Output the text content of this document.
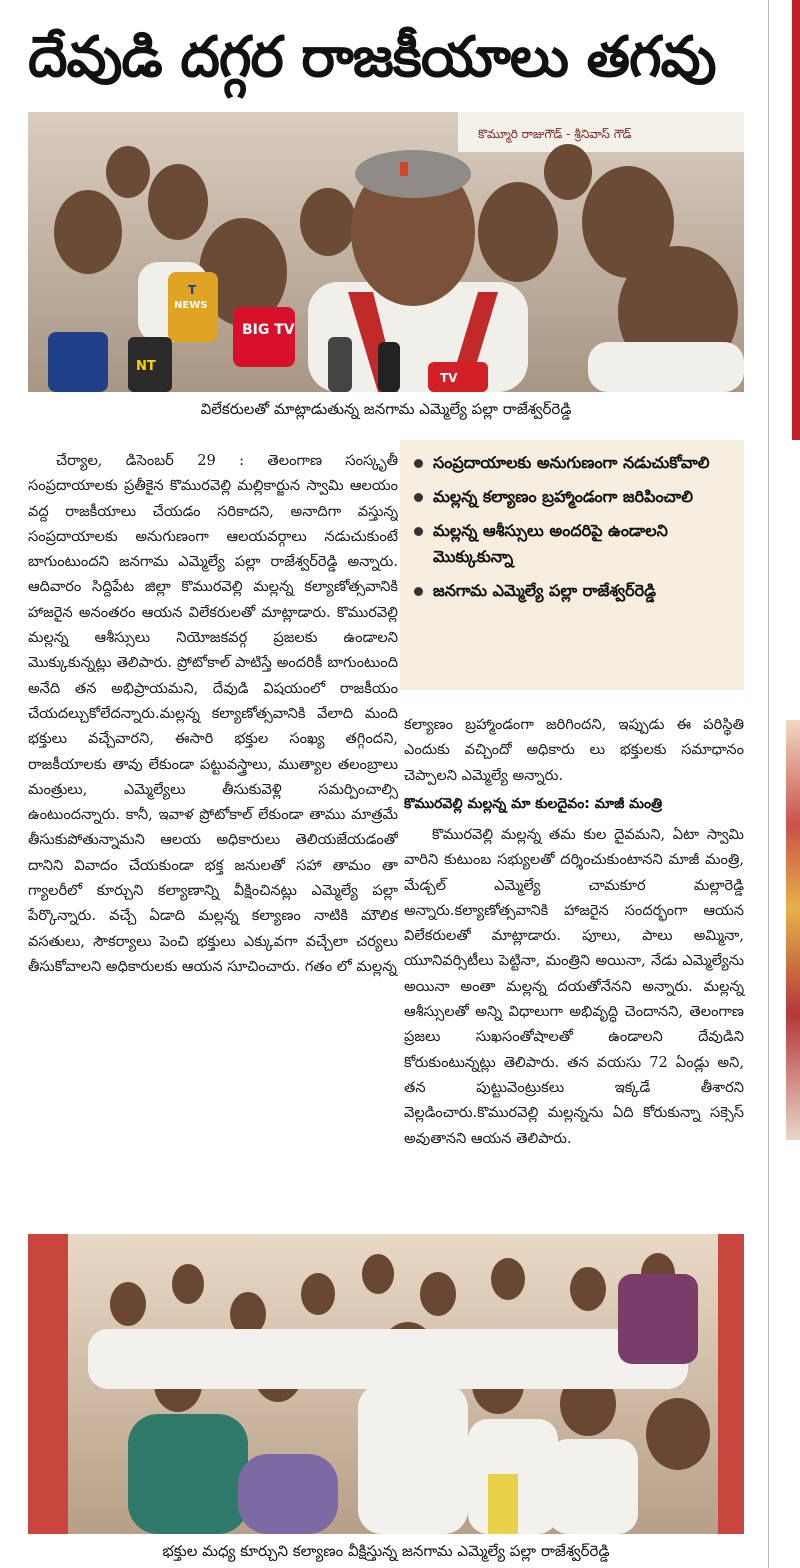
దేవుడి దగ్గర రాజకీయాలు తగవు
కొమ్మూరి రాజుగౌడ్ - శ్రీనివాస్ గౌడ్
BIG TV
NEWS
T
NT
TV
విలేకరులతో మాట్లాడుతున్న జనగామ ఎమ్మెల్యే పల్లా రాజేశ్వర్‌రెడ్డి

చేర్యాల, డిసెంబర్ 29 : తెలంగాణ సంస్కృతీ సంప్రదాయాలకు ప్రతీకైన కొమురవెల్లి మల్లికార్జున స్వామి ఆలయం వద్ద రాజకీయాలు చేయడం సరికాదని, అనాదిగా వస్తున్న సంప్రదాయాలకు అనుగుణంగా ఆలయవర్గాలు నడుచుకుంటే బాగుంటుందని జనగామ ఎమ్మెల్యే పల్లా రాజేశ్వర్‌రెడ్డి అన్నారు. ఆదివారం సిద్దిపేట జిల్లా కొమురవెల్లి మల్లన్న కల్యాణోత్సవానికి హాజరైన అనంతరం ఆయన విలేకరులతో మాట్లాడారు. కొమురవెల్లి మల్లన్న ఆశీస్సులు నియోజకవర్గ ప్రజలకు ఉండాలని మొక్కుకున్నట్లు తెలిపారు. ప్రోటోకాల్ పాటిస్తే అందరికీ బాగుంటుంది అనేది తన అభిప్రాయమని, దేవుడి విషయంలో రాజకీయం చేయదల్చుకోలేదన్నారు.మల్లన్న కల్యాణోత్సవానికి వేలాది మంది భక్తులు వచ్చేవారని, ఈసారి భక్తుల సంఖ్య తగ్గిందని, రాజకీయాలకు తావు లేకుండా పట్టువస్త్రాలు, ముత్యాల తలంబ్రాలు మంత్రులు, ఎమ్మెల్యేలు తీసుకువెళ్లి సమర్పించాల్సి ఉంటుందన్నారు. కానీ, ఇవాళ ప్రోటోకాల్ లేకుండా తాము మాత్రమే తీసుకుపోతున్నామని ఆలయ అధికారులు తెలియజేయడంతో దానిని వివాదం చేయకుండా భక్త జనులతో సహా తామం తా గ్యాలరీలో కూర్చుని కల్యాణాన్ని వీక్షించినట్లు ఎమ్మెల్యే పల్లా పేర్కొన్నారు. వచ్చే ఏడాది మల్లన్న కల్యాణం నాటికి మౌలిక వసతులు, సౌకర్యాలు పెంచి భక్తులు ఎక్కువగా వచ్చేలా చర్యలు తీసుకోవాలని అధికారులకు ఆయన సూచించారు. గతం లో మల్లన్న

సంప్రదాయాలకు అనుగుణంగా నడుచుకోవాలి
మల్లన్న కల్యాణం బ్రహ్మాండంగా జరిపించాలి
మల్లన్న ఆశీస్సులు అందరిపై ఉండాలని మొక్కుకున్నా
జనగామ ఎమ్మెల్యే పల్లా రాజేశ్వర్‌రెడ్డి

కల్యాణం బ్రహ్మాండంగా జరిగిందని, ఇప్పుడు ఈ పరిస్థితి ఎందుకు వచ్చిందో అధికారు లు భక్తులకు సమాధానం చెప్పాలని ఎమ్మెల్యే అన్నారు.

కొమురవెల్లి మల్లన్న మా కులదైవం: మాజీ మంత్రి

కొమురవెల్లి మల్లన్న తమ కుల దైవమని, ఏటా స్వామి వారిని కుటుంబ సభ్యులతో దర్శించుకుంటానని మాజీ మంత్రి, మేడ్చల్ ఎమ్మెల్యే చామకూర మల్లారెడ్డి అన్నారు.కల్యాణోత్సవానికి హాజరైన సందర్భంగా ఆయన విలేకరులతో మాట్లాడారు. పూలు, పాలు అమ్మినా, యూనివర్సిటీలు పెట్టినా, మంత్రిని అయినా, నేడు ఎమ్మెల్యేను అయినా అంతా మల్లన్న దయతోనేనని అన్నారు. మల్లన్న ఆశీస్సులతో అన్ని విధాలుగా అభివృద్ధి చెందానని, తెలంగాణ ప్రజలు సుఖసంతోషాలతో ఉండాలని దేవుడిని కోరుకుంటున్నట్లు తెలిపారు. తన వయసు 72 ఏండ్లు అని, తన పుట్టువెంట్రుకలు ఇక్కడే తీశారని వెల్లడించారు.కొమురవెల్లి మల్లన్నను ఏది కోరుకున్నా సక్సెస్ అవుతానని ఆయన తెలిపారు.

భక్తుల మధ్య కూర్చుని కల్యాణం వీక్షిస్తున్న జనగామ ఎమ్మెల్యే పల్లా రాజేశ్వర్‌రెడ్డి
